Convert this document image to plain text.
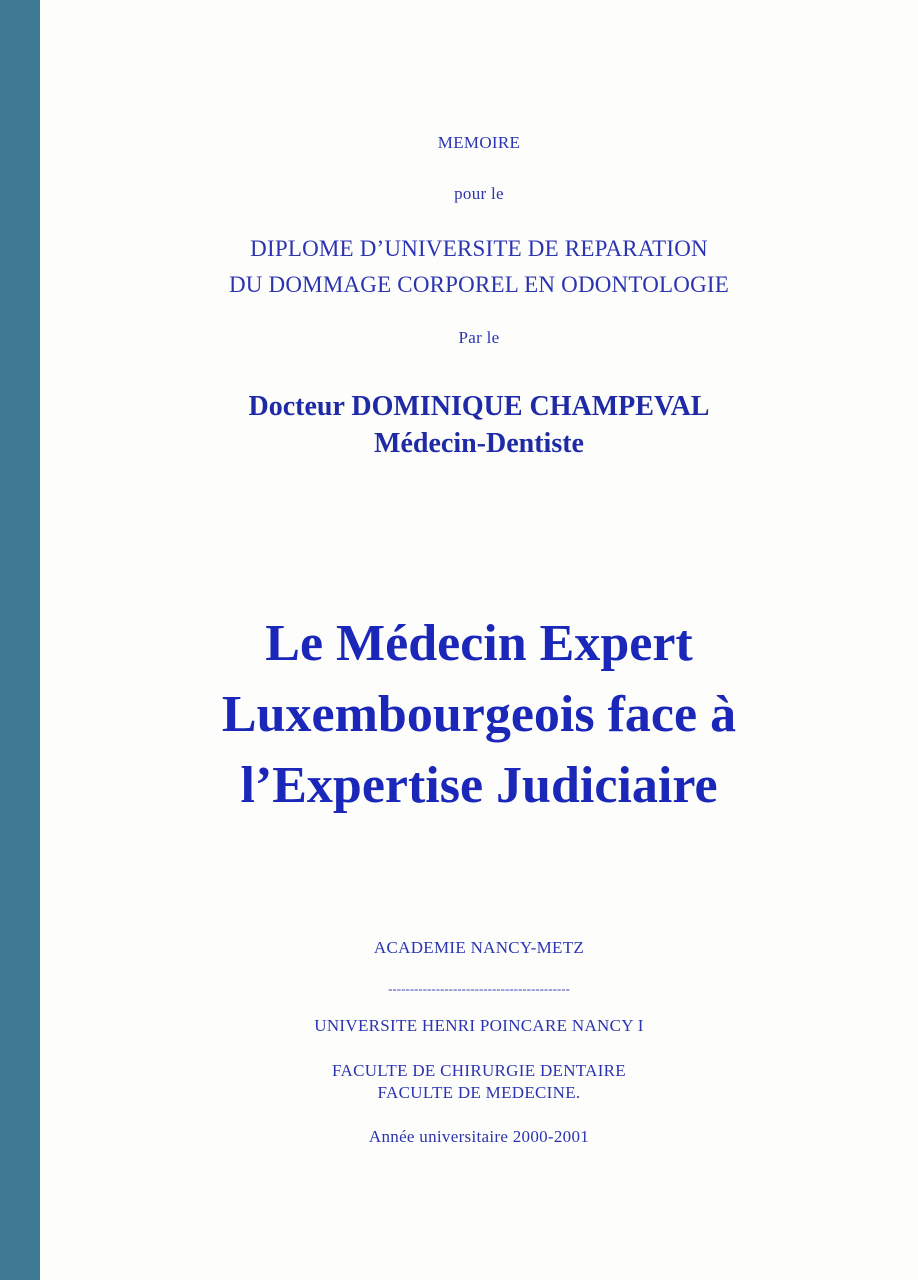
MEMOIRE
pour le
DIPLOME D’UNIVERSITE DE REPARATION
DU DOMMAGE CORPOREL EN ODONTOLOGIE
Par le
Docteur DOMINIQUE CHAMPEVAL
Médecin-Dentiste
Le Médecin Expert
Luxembourgeois face à
l’Expertise Judiciaire
ACADEMIE NANCY-METZ
------------------------------------------
UNIVERSITE HENRI POINCARE NANCY I
FACULTE DE CHIRURGIE DENTAIRE
FACULTE DE MEDECINE.
Année universitaire 2000-2001
